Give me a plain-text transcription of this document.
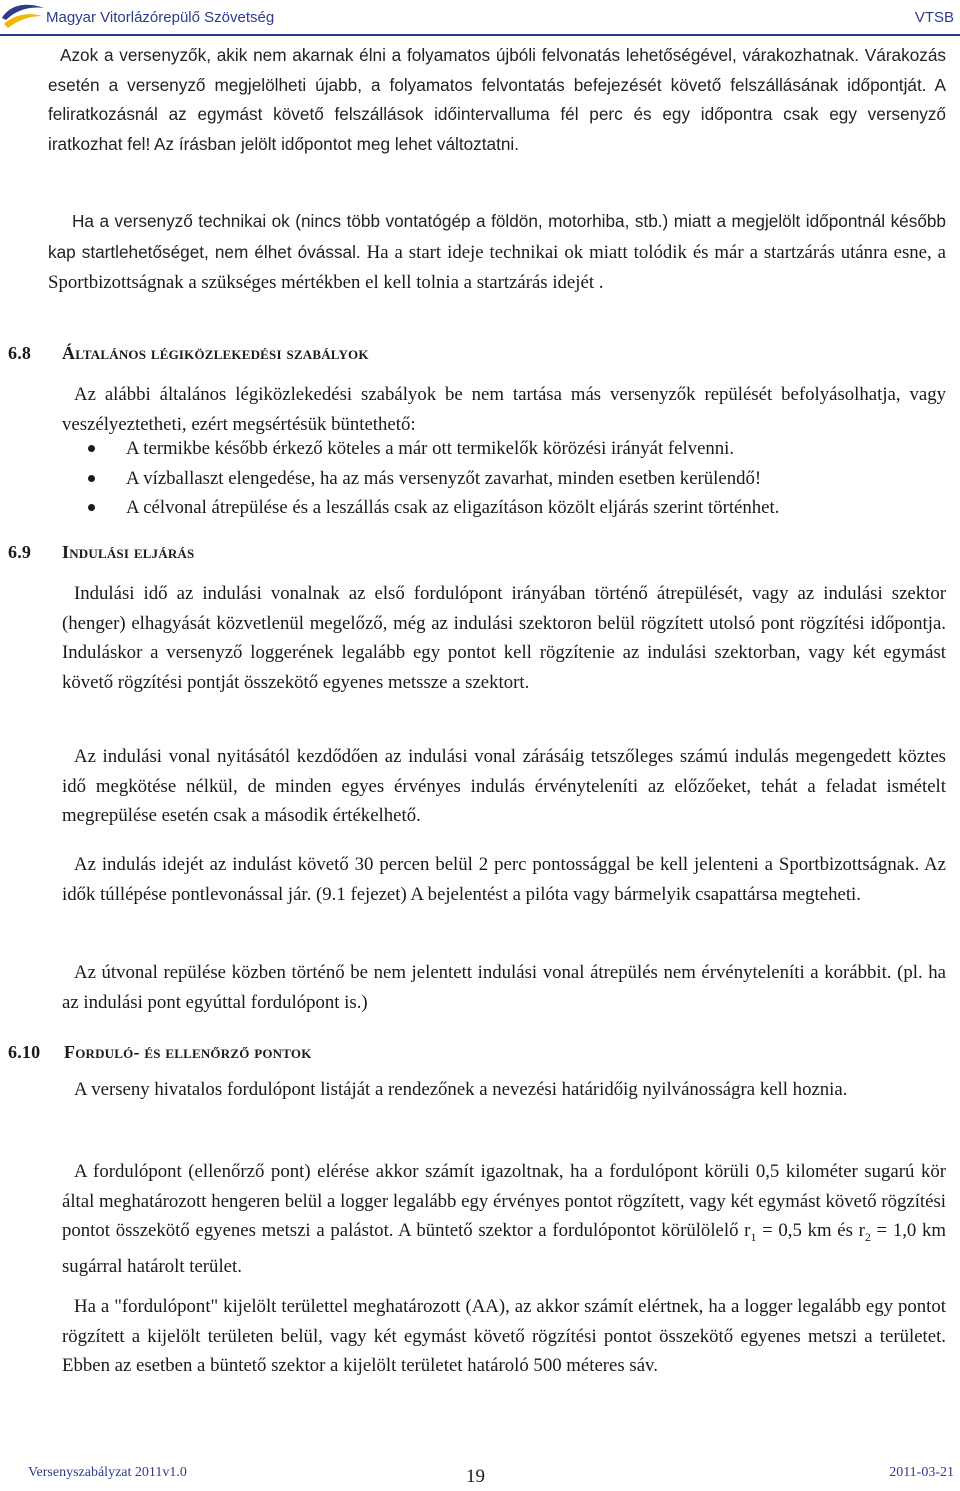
Magyar Vitorlázórepülő Szövetség	VTSB

Azok a versenyzők, akik nem akarnak élni a folyamatos újbóli felvonatás lehetőségével, várakozhatnak. Várakozás esetén a versenyző megjelölheti újabb, a folyamatos felvontatás befejezését követő felszállásának időpontját. A feliratkozásnál az egymást követő felszállások időintervalluma fél perc és egy időpontra csak egy versenyző iratkozhat fel! Az írásban jelölt időpontot meg lehet változtatni.

Ha a versenyző technikai ok (nincs több vontatógép a földön, motorhiba, stb.) miatt a megjelölt időpontnál később kap startlehetőséget, nem élhet óvással. Ha a start ideje technikai ok miatt tolódik és már a startzárás utánra esne, a Sportbizottságnak a szükséges mértékben el kell tolnia a startzárás idejét .

6.8 Általános légiközlekedési szabályok

Az alábbi általános légiközlekedési szabályok be nem tartása más versenyzők repülését befolyásolhatja, vagy veszélyeztetheti, ezért megsértésük büntethető:

A termikbe később érkező köteles a már ott termikelők körözési irányát felvenni.
A vízballaszt elengedése, ha az más versenyzőt zavarhat, minden esetben kerülendő!
A célvonal átrepülése és a leszállás csak az eligazításon közölt eljárás szerint történhet.
6.9 Indulási eljárás

Indulási idő az indulási vonalnak az első fordulópont irányában történő átrepülését, vagy az indulási szektor (henger) elhagyását közvetlenül megelőző, még az indulási szektoron belül rögzített utolsó pont rögzítési időpontja. Induláskor a versenyző loggerének legalább egy pontot kell rögzítenie az indulási szektorban, vagy két egymást követő rögzítési pontját összekötő egyenes metssze a szektort.

Az indulási vonal nyitásától kezdődően az indulási vonal zárásáig tetszőleges számú indulás megengedett köztes idő megkötése nélkül, de minden egyes érvényes indulás érvényteleníti az előzőeket, tehát a feladat ismételt megrepülése esetén csak a második értékelhető.

Az indulás idejét az indulást követő 30 percen belül 2 perc pontossággal be kell jelenteni a Sportbizottságnak. Az idők túllépése pontlevonással jár. (9.1 fejezet) A bejelentést a pilóta vagy bármelyik csapattársa megteheti.

Az útvonal repülése közben történő be nem jelentett indulási vonal átrepülés nem érvényteleníti a korábbit. (pl. ha az indulási pont egyúttal fordulópont is.)

6.10 Forduló- és ellenőrző pontok

A verseny hivatalos fordulópont listáját a rendezőnek a nevezési határidőig nyilvánosságra kell hoznia.

A fordulópont (ellenőrző pont) elérése akkor számít igazoltnak, ha a fordulópont körüli 0,5 kilométer sugarú kör által meghatározott hengeren belül a logger legalább egy érvényes pontot rögzített, vagy két egymást követő rögzítési pontot összekötő egyenes metszi a palástot. A büntető szektor a fordulópontot körülölelő $r_1 = 0,5$ km és $r_2 = 1,0$ km sugárral határolt terület.

Ha a "fordulópont" kijelölt területtel meghatározott (AA), az akkor számít elértnek, ha a logger legalább egy pontot rögzített a kijelölt területen belül, vagy két egymást követő rögzítési pontot összekötő egyenes metszi a területet. Ebben az esetben a büntető szektor a kijelölt területet határoló 500 méteres sáv.

Versenyszabályzat 2011v1.0	19	2011-03-21
